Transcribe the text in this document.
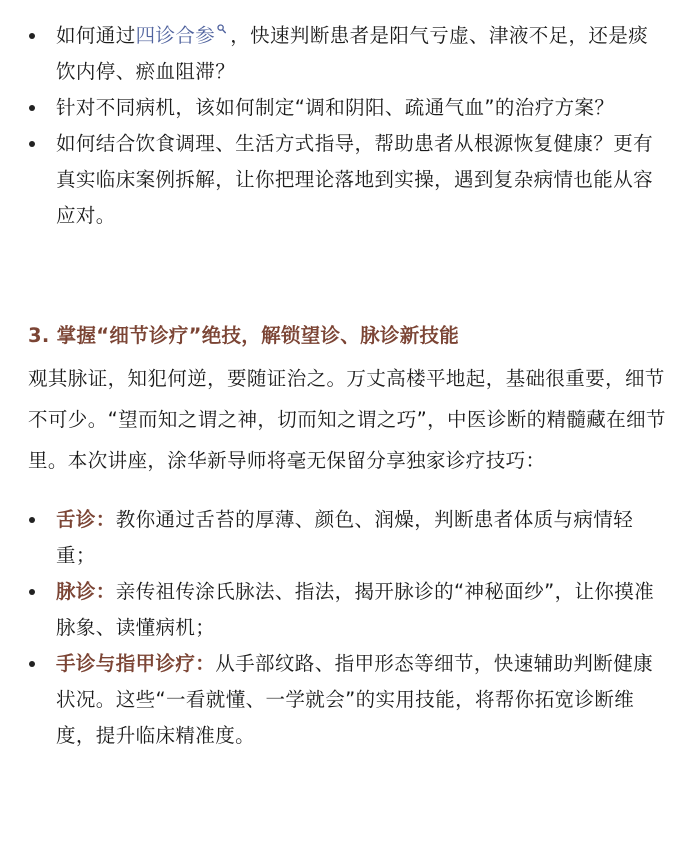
如何通过四诊合参 ，快速判断患者是阳气亏虚、津液不足，还是痰饮内停、瘀血阻滞？
针对不同病机，该如何制定“调和阴阳、疏通气血”的治疗方案？
如何结合饮食调理、生活方式指导，帮助患者从根源恢复健康？更有真实临床案例拆解，让你把理论落地到实操，遇到复杂病情也能从容应对。
3. 掌握“细节诊疗”绝技，解锁望诊、脉诊新技能
观其脉证，知犯何逆，要随证治之。万丈高楼平地起，基础很重要，细节不可少。“望而知之谓之神，切而知之谓之巧”，中医诊断的精髓藏在细节里。本次讲座，涂华新导师将毫无保留分享独家诊疗技巧：
舌诊：教你通过舌苔的厚薄、颜色、润燥，判断患者体质与病情轻重；
脉诊：亲传祖传涂氏脉法、指法，揭开脉诊的“神秘面纱”，让你摸准脉象、读懂病机；
手诊与指甲诊疗：从手部纹路、指甲形态等细节，快速辅助判断健康状况。这些“一看就懂、一学就会”的实用技能，将帮你拓宽诊断维度，提升临床精准度。
